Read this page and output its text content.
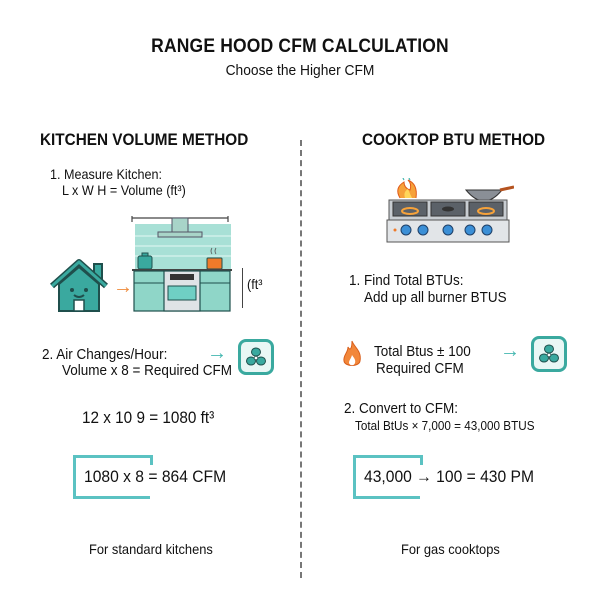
RANGE HOOD CFM CALCULATION
Choose the Higher CFM
KITCHEN VOLUME METHOD
1. Measure Kitchen:
L x W H = Volume (ft³)
→	(ft³
2. Air Changes/Hour:
Volume x 8 = Required CFM
→
12 x 10 9 = 1080 ft³
1080 x 8 = 864 CFM
For standard kitchens
COOKTOP BTU METHOD
1. Find Total BTUs:
Add up all burner BTUS
Total Btus ± 100
Required CFM
→
2. Convert to CFM:
Total BtUs × 7,000 = 43,000 BTUS
43,000 → 100 = 430 PM
For gas cooktops
